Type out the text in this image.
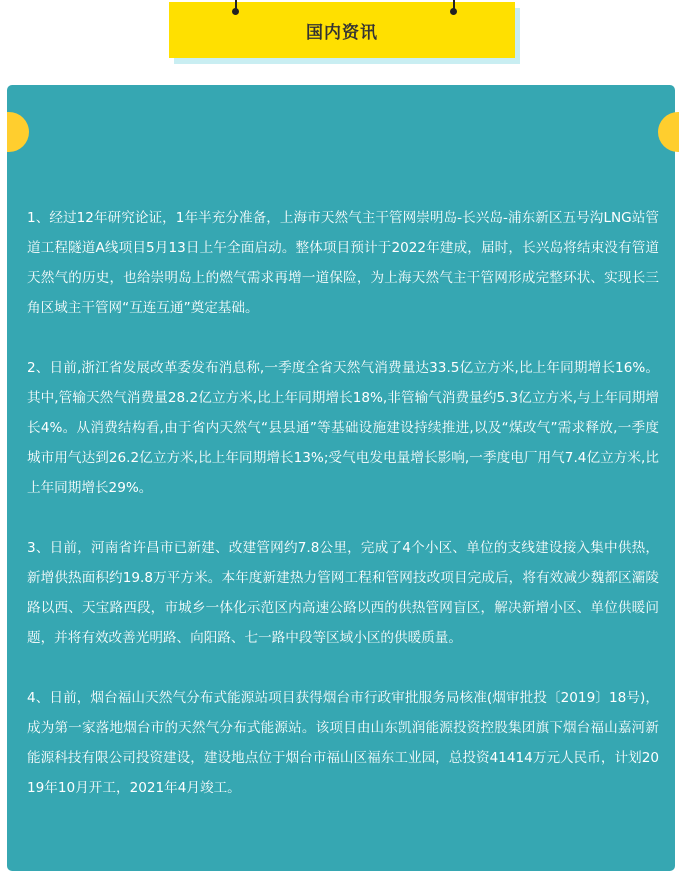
国内资讯

1、经过12年研究论证，1年半充分准备，上海市天然气主干管网崇明岛-长兴岛-浦东新区五号沟LNG站管道工程隧道A线项目5月13日上午全面启动。整体项目预计于2022年建成，届时，长兴岛将结束没有管道天然气的历史，也给崇明岛上的燃气需求再增一道保险，为上海天然气主干管网形成完整环状、实现长三角区域主干管网“互连互通”奠定基础。

2、日前,浙江省发展改革委发布消息称,一季度全省天然气消费量达33.5亿立方米,比上年同期增长16%。其中,管输天然气消费量28.2亿立方米,比上年同期增长18%,非管输气消费量约5.3亿立方米,与上年同期增长4%。从消费结构看,由于省内天然气“县县通”等基础设施建设持续推进,以及“煤改气”需求释放,一季度城市用气达到26.2亿立方米,比上年同期增长13%;受气电发电量增长影响,一季度电厂用气7.4亿立方米,比上年同期增长29%。

3、日前，河南省许昌市已新建、改建管网约7.8公里，完成了4个小区、单位的支线建设接入集中供热，新增供热面积约19.8万平方米。本年度新建热力管网工程和管网技改项目完成后，将有效减少魏都区灞陵路以西、天宝路西段，市城乡一体化示范区内高速公路以西的供热管网盲区，解决新增小区、单位供暖问题，并将有效改善光明路、向阳路、七一路中段等区域小区的供暖质量。

4、日前，烟台福山天然气分布式能源站项目获得烟台市行政审批服务局核准(烟审批投〔2019〕18号)，成为第一家落地烟台市的天然气分布式能源站。该项目由山东凯润能源投资控股集团旗下烟台福山嘉河新能源科技有限公司投资建设，建设地点位于烟台市福山区福东工业园，总投资41414万元人民币，计划2019年10月开工，2021年4月竣工。
